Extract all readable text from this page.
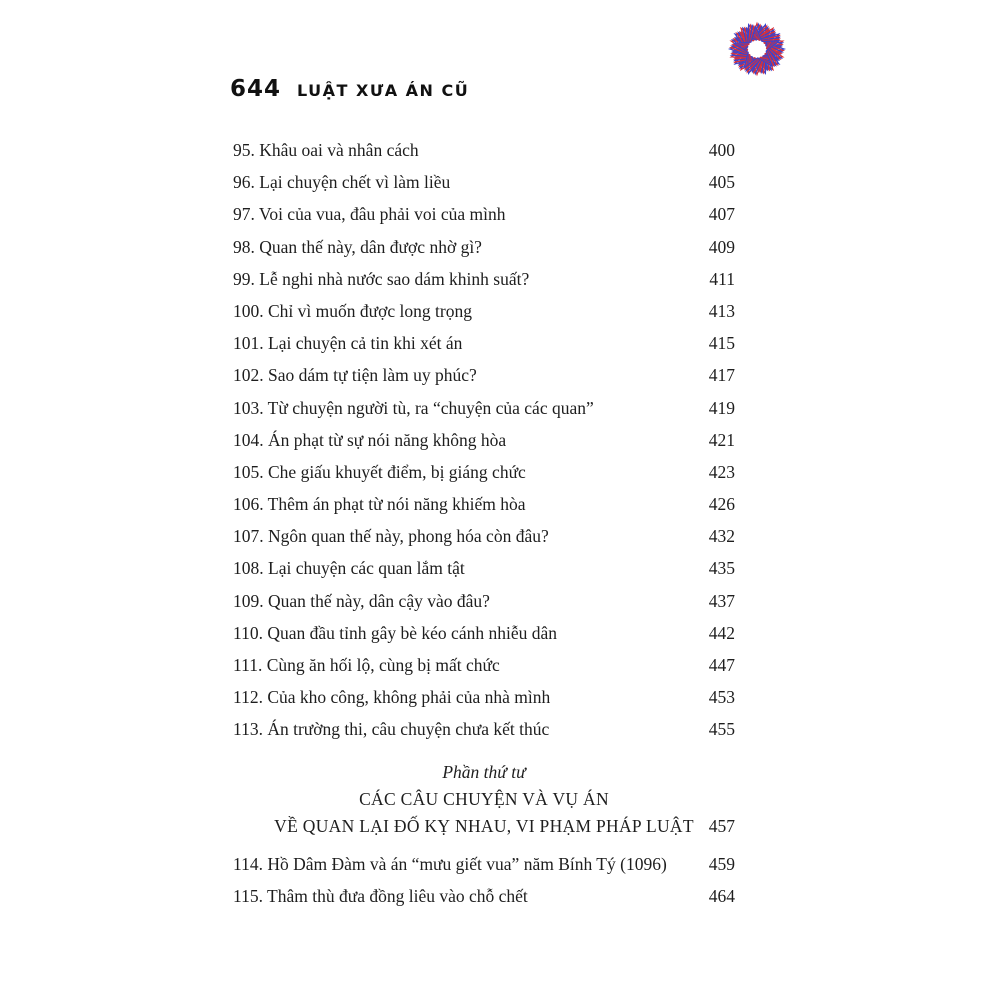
644 LUẬT XƯA ÁN CŨ
95. Khâu oai và nhân cách	400
96. Lại chuyện chết vì làm liều	405
97. Voi của vua, đâu phải voi của mình	407
98. Quan thế này, dân được nhờ gì?	409
99. Lễ nghi nhà nước sao dám khinh suất?	411
100. Chỉ vì muốn được long trọng	413
101. Lại chuyện cả tin khi xét án	415
102. Sao dám tự tiện làm uy phúc?	417
103. Từ chuyện người tù, ra “chuyện của các quan”	419
104. Án phạt từ sự nói năng không hòa	421
105. Che giấu khuyết điểm, bị giáng chức	423
106. Thêm án phạt từ nói năng khiếm hòa	426
107. Ngôn quan thế này, phong hóa còn đâu?	432
108. Lại chuyện các quan lắm tật	435
109. Quan thế này, dân cậy vào đâu?	437
110. Quan đầu tỉnh gây bè kéo cánh nhiễu dân	442
111. Cùng ăn hối lộ, cùng bị mất chức	447
112. Của kho công, không phải của nhà mình	453
113. Án trường thi, câu chuyện chưa kết thúc	455
Phần thứ tư
CÁC CÂU CHUYỆN VÀ VỤ ÁN
VỀ QUAN LẠI ĐỐ KỴ NHAU, VI PHẠM PHÁP LUẬT 457
114. Hồ Dâm Đàm và án “mưu giết vua” năm Bính Tý (1096) 459
115. Thâm thù đưa đồng liêu vào chỗ chết	464
